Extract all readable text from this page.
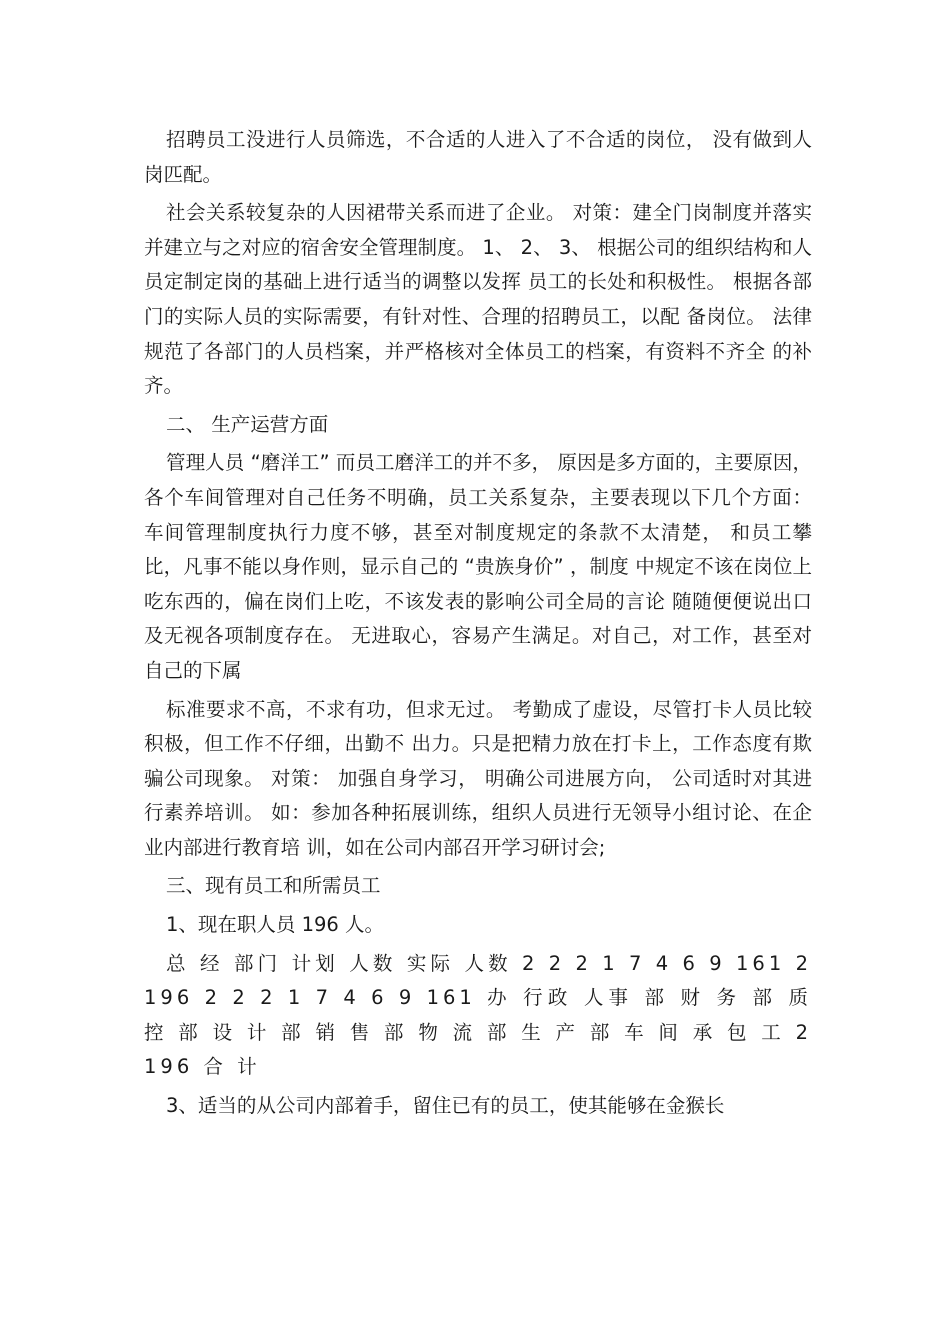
招聘员工没进行人员筛选，不合适的人进入了不合适的岗位， 没有做到人岗匹配。

社会关系较复杂的人因裙带关系而进了企业。 对策：建全门岗制度并落实并建立与之对应的宿舍安全管理制度。 1、 2、 3、 根据公司的组织结构和人员定制定岗的基础上进行适当的调整以发挥 员工的长处和积极性。 根据各部门的实际人员的实际需要，有针对性、合理的招聘员工，以配 备岗位。 法律规范了各部门的人员档案，并严格核对全体员工的档案，有资料不齐全 的补齐。

二、 生产运营方面

管理人员 “磨洋工” 而员工磨洋工的并不多， 原因是多方面的，主要原因， 各个车间管理对自己任务不明确，员工关系复杂，主要表现以下几个方面： 车间管理制度执行力度不够，甚至对制度规定的条款不太清楚， 和员工攀比，凡事不能以身作则，显示自己的 “贵族身价” ，制度 中规定不该在岗位上吃东西的，偏在岗们上吃，不该发表的影响公司全局的言论 随随便便说出口及无视各项制度存在。 无进取心，容易产生满足。对自己，对工作，甚至对自己的下属

标准要求不高，不求有功，但求无过。 考勤成了虚设，尽管打卡人员比较积极，但工作不仔细，出勤不 出力。只是把精力放在打卡上，工作态度有欺骗公司现象。 对策： 加强自身学习， 明确公司进展方向， 公司适时对其进行素养培训。 如：参加各种拓展训练，组织人员进行无领导小组讨论、在企业内部进行教育培 训，如在公司内部召开学习研讨会;

三、现有员工和所需员工

1、现在职人员 196 人。

总 经 部门 计划 人数 实际 人数 2 2 2 1 7 4 6 9 161 2 196 2 2 2 1 7 4 6 9 161 办 行政 人事 部 财 务 部 质 控 部 设 计 部 销 售 部 物 流 部 生 产 部 车 间 承 包 工 2 196 合 计

3、适当的从公司内部着手，留住已有的员工，使其能够在金猴长
